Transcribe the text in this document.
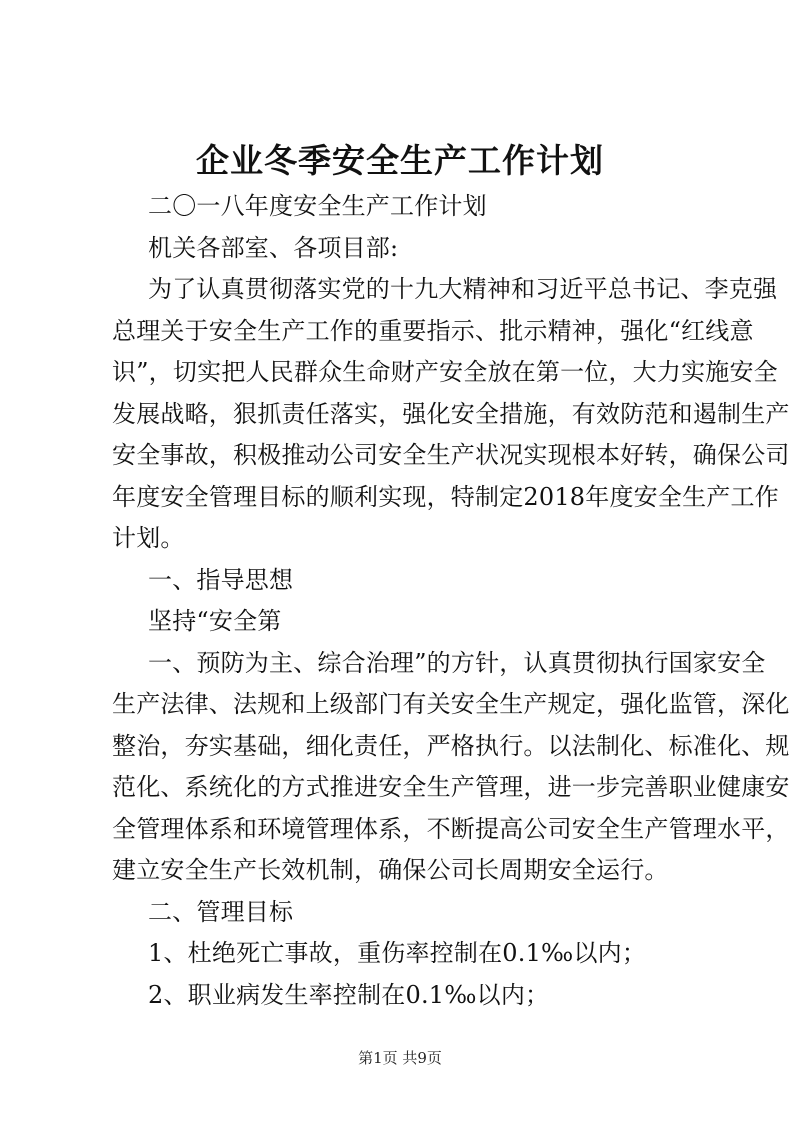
企业冬季安全生产工作计划
二〇一八年度安全生产工作计划
机关各部室、各项目部:
为了认真贯彻落实党的十九大精神和习近平总书记、李克强
总理关于安全生产工作的重要指示、批示精神，强化“红线意
识”，切实把人民群众生命财产安全放在第一位，大力实施安全
发展战略，狠抓责任落实，强化安全措施，有效防范和遏制生产
安全事故，积极推动公司安全生产状况实现根本好转，确保公司
年度安全管理目标的顺利实现，特制定2018年度安全生产工作
计划。
一、指导思想
坚持“安全第
一、预防为主、综合治理”的方针，认真贯彻执行国家安全
生产法律、法规和上级部门有关安全生产规定，强化监管，深化
整治，夯实基础，细化责任，严格执行。以法制化、标准化、规
范化、系统化的方式推进安全生产管理，进一步完善职业健康安
全管理体系和环境管理体系，不断提高公司安全生产管理水平，
建立安全生产长效机制，确保公司长周期安全运行。
二、管理目标
1、杜绝死亡事故，重伤率控制在0.1‰以内；
2、职业病发生率控制在0.1‰以内；
第1页 共9页
